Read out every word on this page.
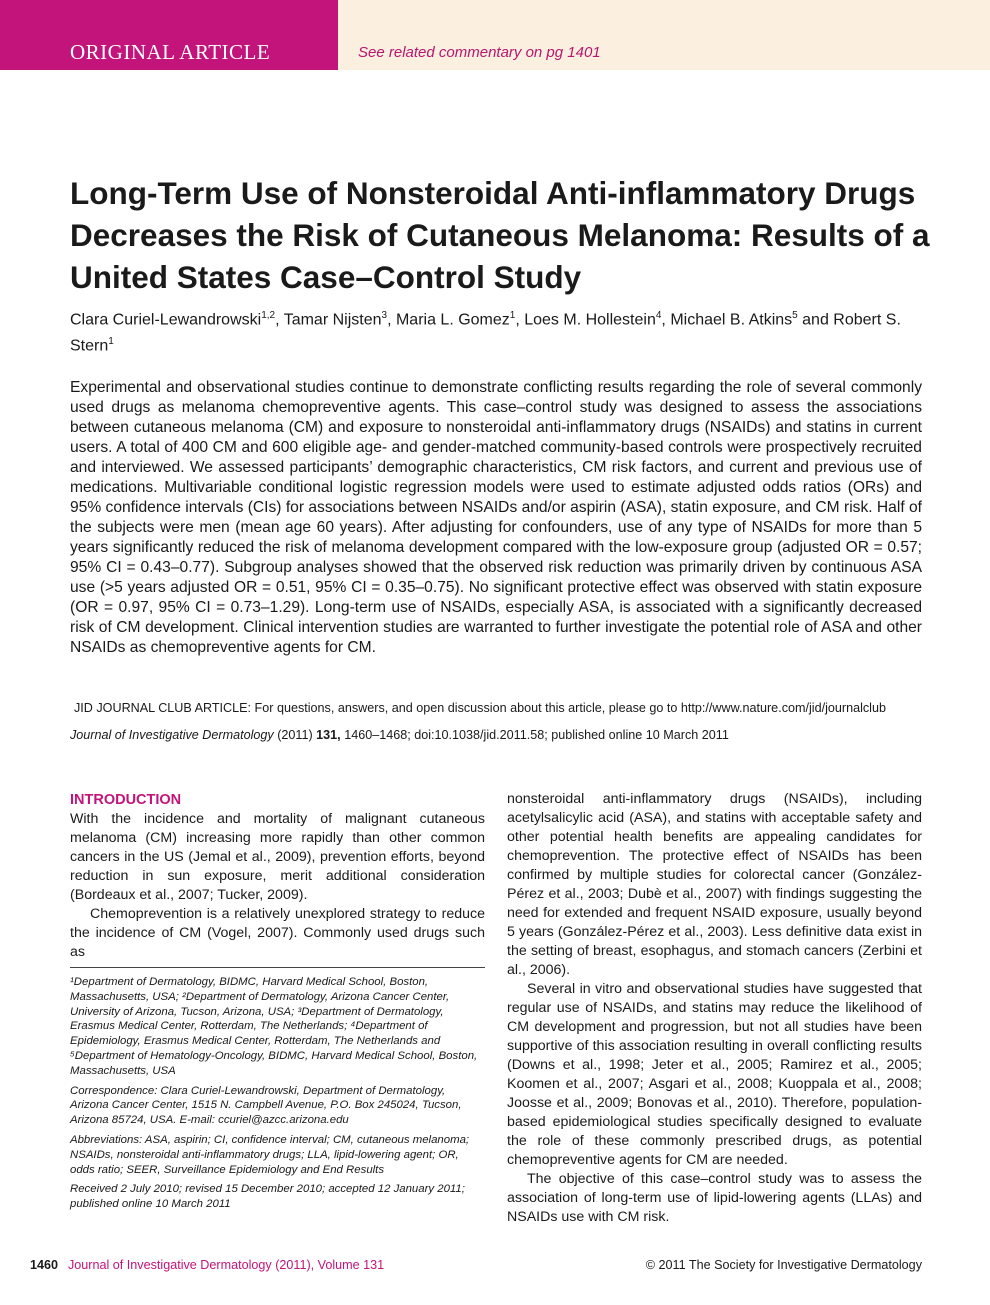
ORIGINAL ARTICLE	See related commentary on pg 1401
Long-Term Use of Nonsteroidal Anti-inflammatory Drugs Decreases the Risk of Cutaneous Melanoma: Results of a United States Case–Control Study
Clara Curiel-Lewandrowski$^{1,2}$, Tamar Nijsten$^3$, Maria L. Gomez$^1$, Loes M. Hollestein$^4$, Michael B. Atkins$^5$ and Robert S. Stern$^1$

Experimental and observational studies continue to demonstrate conflicting results regarding the role of several commonly used drugs as melanoma chemopreventive agents. This case–control study was designed to assess the associations between cutaneous melanoma (CM) and exposure to nonsteroidal anti-inflammatory drugs (NSAIDs) and statins in current users. A total of 400 CM and 600 eligible age- and gender-matched community-based controls were prospectively recruited and interviewed. We assessed participants’ demographic characteristics, CM risk factors, and current and previous use of medications. Multivariable conditional logistic regression models were used to estimate adjusted odds ratios (ORs) and 95% confidence intervals (CIs) for associations between NSAIDs and/or aspirin (ASA), statin exposure, and CM risk. Half of the subjects were men (mean age 60 years). After adjusting for confounders, use of any type of NSAIDs for more than 5 years significantly reduced the risk of melanoma development compared with the low-exposure group (adjusted OR = 0.57; 95% CI = 0.43–0.77). Subgroup analyses showed that the observed risk reduction was primarily driven by continuous ASA use (>5 years adjusted OR = 0.51, 95% CI = 0.35–0.75). No significant protective effect was observed with statin exposure (OR = 0.97, 95% CI = 0.73–1.29). Long-term use of NSAIDs, especially ASA, is associated with a significantly decreased risk of CM development. Clinical intervention studies are warranted to further investigate the potential role of ASA and other NSAIDs as chemopreventive agents for CM.

JID JOURNAL CLUB ARTICLE: For questions, answers, and open discussion about this article, please go to http://www.nature.com/jid/journalclub
Journal of Investigative Dermatology (2011) 131, 1460–1468; doi:10.1038/jid.2011.58; published online 10 March 2011
INTRODUCTION

With the incidence and mortality of malignant cutaneous melanoma (CM) increasing more rapidly than other common cancers in the US (Jemal et al., 2009), prevention efforts, beyond reduction in sun exposure, merit additional consideration (Bordeaux et al., 2007; Tucker, 2009).

Chemoprevention is a relatively unexplored strategy to reduce the incidence of CM (Vogel, 2007). Commonly used drugs such as

¹Department of Dermatology, BIDMC, Harvard Medical School, Boston, Massachusetts, USA; ²Department of Dermatology, Arizona Cancer Center, University of Arizona, Tucson, Arizona, USA; ³Department of Dermatology, Erasmus Medical Center, Rotterdam, The Netherlands; ⁴Department of Epidemiology, Erasmus Medical Center, Rotterdam, The Netherlands and ⁵Department of Hematology-Oncology, BIDMC, Harvard Medical School, Boston, Massachusetts, USA

Correspondence: Clara Curiel-Lewandrowski, Department of Dermatology, Arizona Cancer Center, 1515 N. Campbell Avenue, P.O. Box 245024, Tucson, Arizona 85724, USA. E-mail: ccuriel@azcc.arizona.edu

Abbreviations: ASA, aspirin; CI, confidence interval; CM, cutaneous melanoma; NSAIDs, nonsteroidal anti-inflammatory drugs; LLA, lipid-lowering agent; OR, odds ratio; SEER, Surveillance Epidemiology and End Results

Received 2 July 2010; revised 15 December 2010; accepted 12 January 2011; published online 10 March 2011

nonsteroidal anti-inflammatory drugs (NSAIDs), including acetylsalicylic acid (ASA), and statins with acceptable safety and other potential health benefits are appealing candidates for chemoprevention. The protective effect of NSAIDs has been confirmed by multiple studies for colorectal cancer (González-Pérez et al., 2003; Dubè et al., 2007) with findings suggesting the need for extended and frequent NSAID exposure, usually beyond 5 years (González-Pérez et al., 2003). Less definitive data exist in the setting of breast, esophagus, and stomach cancers (Zerbini et al., 2006).

Several in vitro and observational studies have suggested that regular use of NSAIDs, and statins may reduce the likelihood of CM development and progression, but not all studies have been supportive of this association resulting in overall conflicting results (Downs et al., 1998; Jeter et al., 2005; Ramirez et al., 2005; Koomen et al., 2007; Asgari et al., 2008; Kuoppala et al., 2008; Joosse et al., 2009; Bonovas et al., 2010). Therefore, population-based epidemiological studies specifically designed to evaluate the role of these commonly prescribed drugs, as potential chemopreventive agents for CM are needed.

The objective of this case–control study was to assess the association of long-term use of lipid-lowering agents (LLAs) and NSAIDs use with CM risk.

1460 Journal of Investigative Dermatology (2011), Volume 131	© 2011 The Society for Investigative Dermatology
